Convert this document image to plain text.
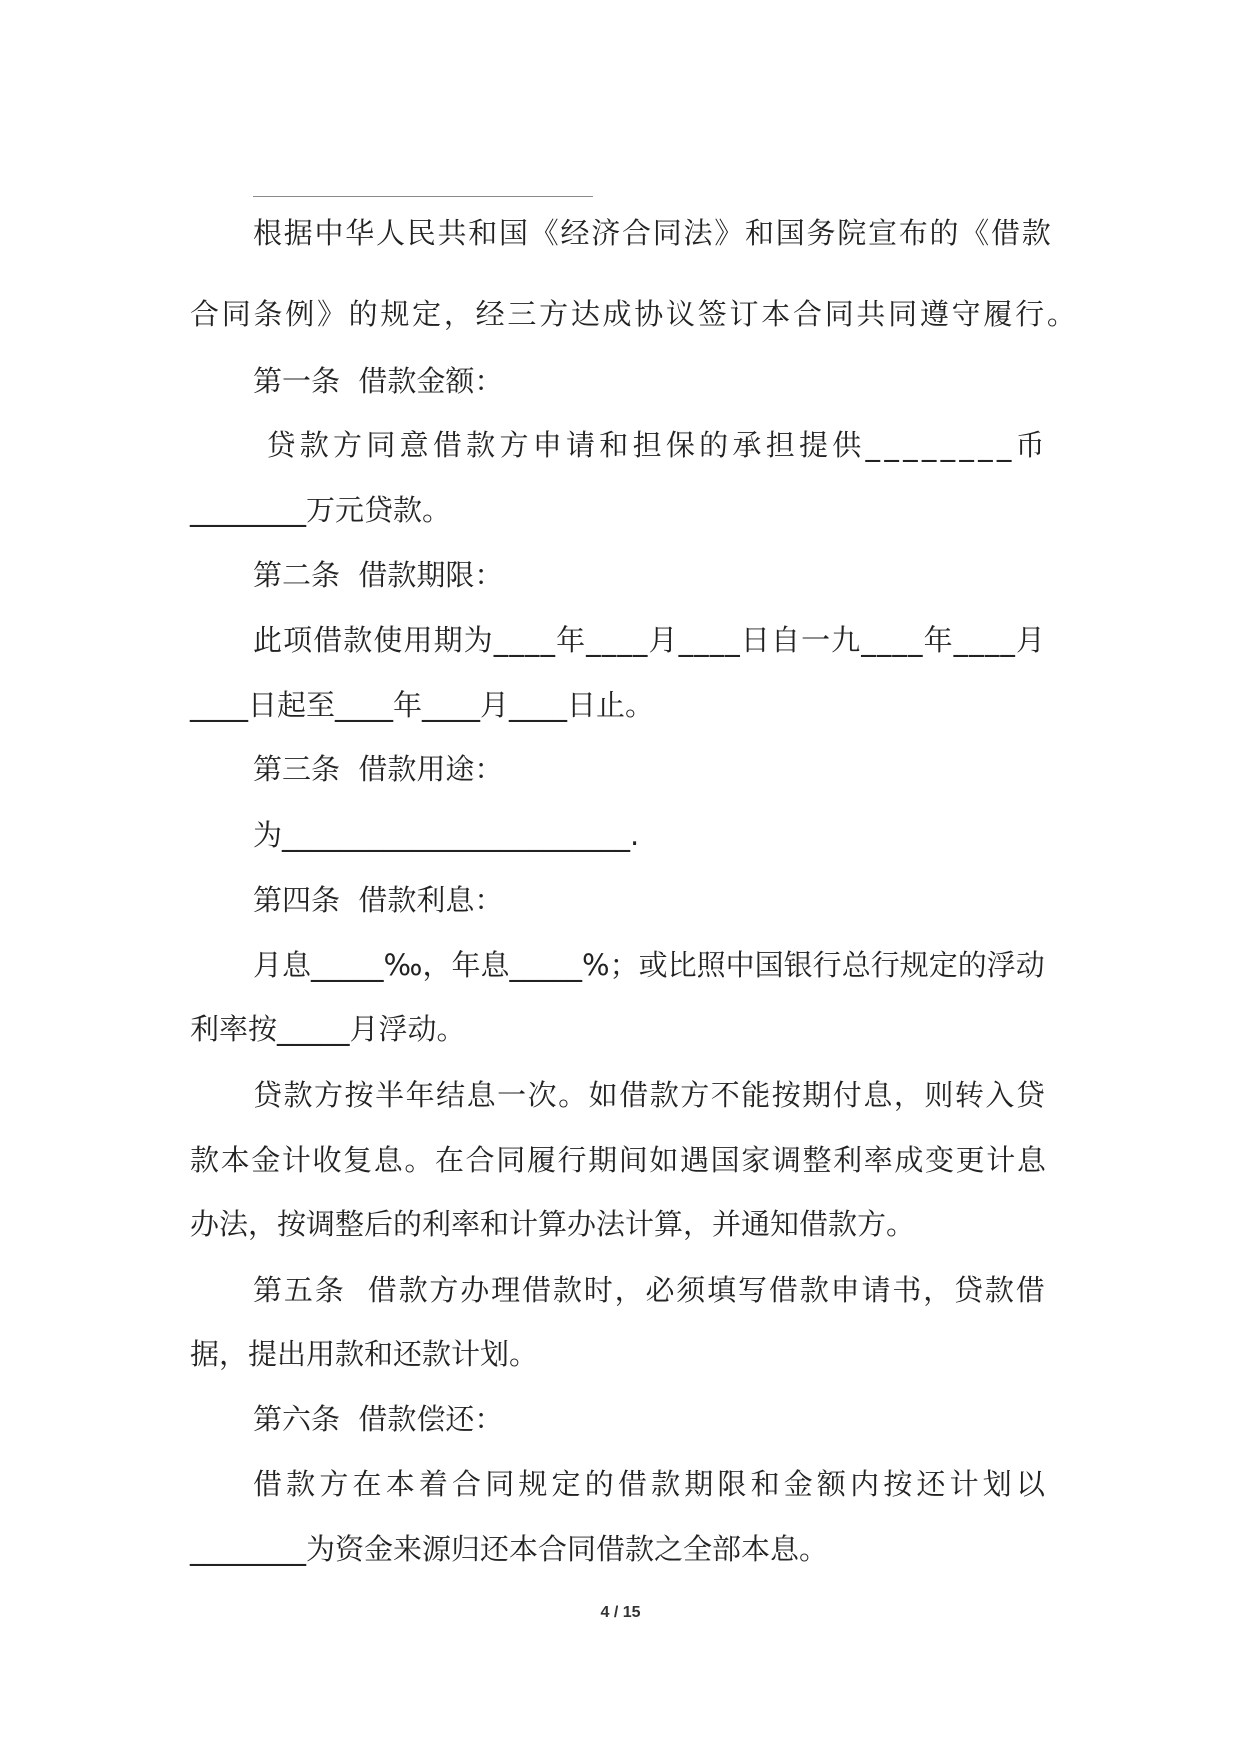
根 据 中 华 人 民 共 和 国 《 经 济 合 同 法 》 和 国 务 院 宣 布 的 《 借 款
合 同 条 例 》 的 规 定 ， 经 三 方 达 成 协 议 签 订 本 合 同 共 同 遵 守 履 行 。
第一条  借款金额：

贷 款 方 同 意 借 款 方 申 请 和 担 保 的 承 担 提 供 _ _ _ _ _ _ _ _ 币
________万元贷款。
第二条  借款期限：
此 项 借 款 使 用 期 为 _ _ _ _ 年 _ _ _ _ 月 _ _ _ _ 日 自 一 九 _ _ _ _ 年 _ _ _ _ 月
____日起至____年____月____日止。
第三条  借款用途：
为________________________.
第四条  借款利息：
月 息 _ _ _ _ _ ‰ ， 年 息 _ _ _ _ _ % ； 或 比 照 中 国 银 行 总 行 规 定 的 浮 动
利率按_____月浮动。
贷 款 方 按 半 年 结 息 一 次 。 如 借 款 方 不 能 按 期 付 息 ， 则 转 入 贷
款 本 金 计 收 复 息 。 在 合 同 履 行 期 间 如 遇 国 家 调 整 利 率 成 变 更 计 息
办法，按调整后的利率和计算办法计算，并通知借款方。
第 五 条

借 款 方 办 理 借 款 时 ， 必 须 填 写 借 款 申 请 书 ， 贷 款 借
据，提出用款和还款计划。
第六条  借款偿还：
借 款 方 在 本 着 合 同 规 定 的 借 款 期 限 和 金 额 内 按 还 计 划 以
________为资金来源归还本合同借款之全部本息。
4 / 15
